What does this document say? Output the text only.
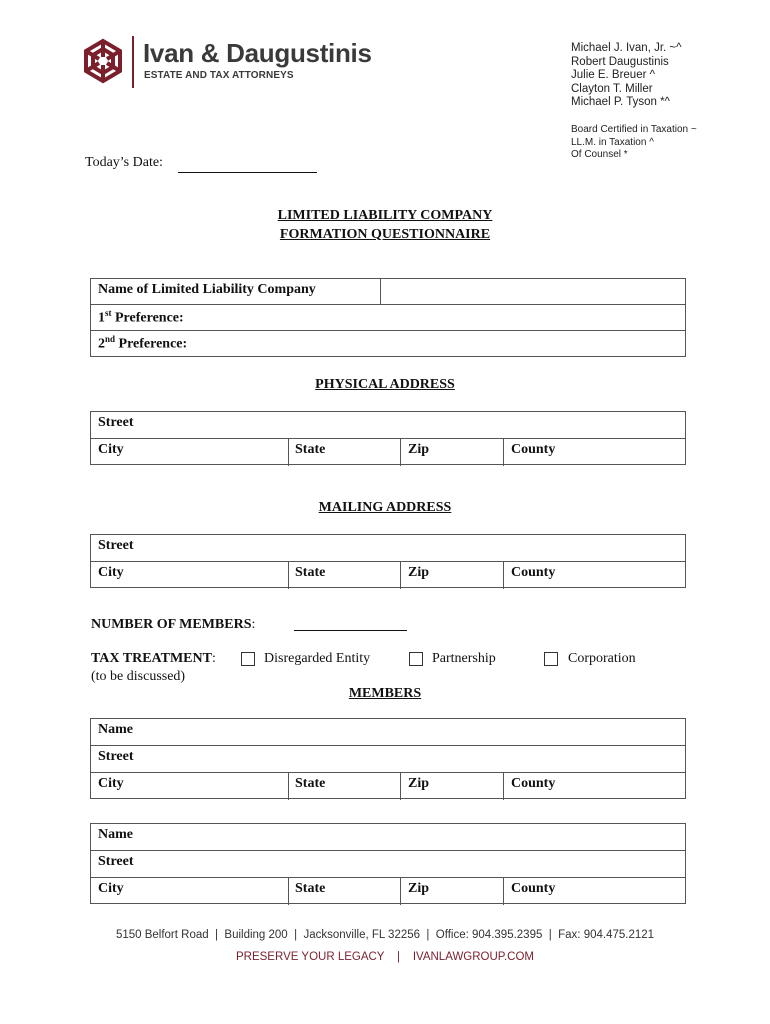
Ivan & Daugustinis
ESTATE AND TAX ATTORNEYS
Michael J. Ivan, Jr. ~^
Robert Daugustinis
Julie E. Breuer ^
Clayton T. Miller
Michael P. Tyson *^
Board Certified in Taxation ~
LL.M. in Taxation ^
Of Counsel *
Today’s Date:
LIMITED LIABILITY COMPANY
FORMATION QUESTIONNAIRE
Name of Limited Liability Company
1st Preference:
2nd Preference:
PHYSICAL ADDRESS
Street
City	State	Zip	County
MAILING ADDRESS
Street
City	State	Zip	County
NUMBER OF MEMBERS:
TAX TREATMENT:
(to be discussed)
Disregarded Entity	Partnership	Corporation
MEMBERS
Name
Street
City	State	Zip	County
Name
Street
City	State	Zip	County
5150 Belfort Road  |  Building 200  |  Jacksonville, FL 32256  |  Office: 904.395.2395  |  Fax: 904.475.2121
PRESERVE YOUR LEGACY    |    IVANLAWGROUP.COM
